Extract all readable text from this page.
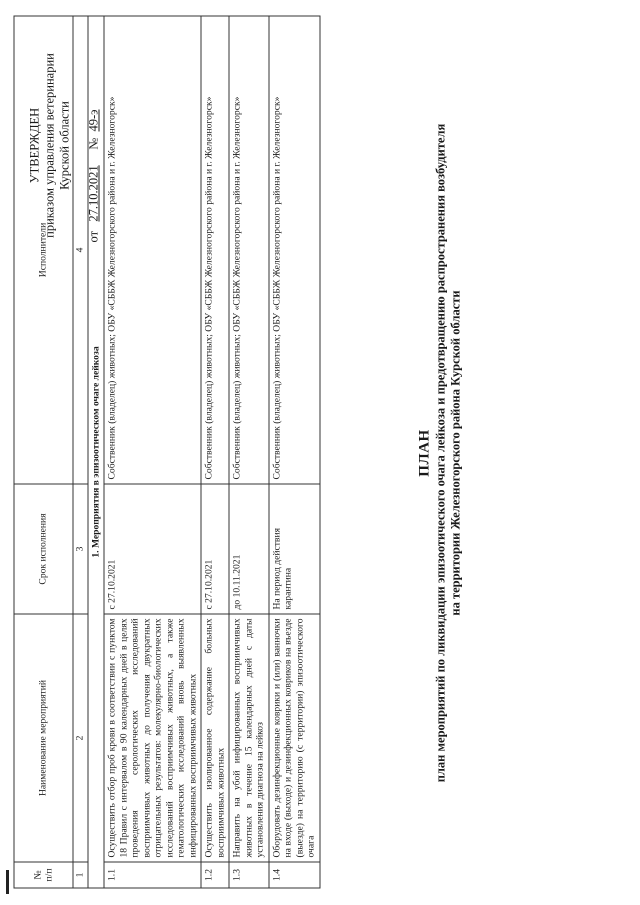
УТВЕРЖДЕН приказом управления ветеринарии Курской области
от   27.10.2021     №  49-э
ПЛАН план мероприятий по ликвидации эпизоотического очага лейкоза и предотвращению распространения возбудителя на территории Железногорского района Курской области
№ п/п	Наименование мероприятий	Срок исполнения	Исполнители
1	2	3	4
1. Мероприятия в эпизоотическом очаге лейкоза			
1.1	Осуществить отбор проб крови в соответствии с пунктом 18 Правил с интервалом в 90 календарных дней в целях проведения серологических исследований восприимчивых животных до получения двукратных отрицательных результатов: молекулярно-биологических исследований восприимчивых животных, а также гематологических исследований вновь выявленных инфицированных восприимчивых животных	с 27.10.2021	Собственник (владелец) животных; ОБУ «СББЖ Железногорского района и г. Железногорск»
1.2	Осуществить изолированное содержание больных восприимчивых животных	с 27.10.2021	Собственник (владелец) животных; ОБУ «СББЖ Железногорского района и г. Железногорск»
1.3	Направить на убой инфицированных восприимчивых животных в течение 15 календарных дней с даты установления диагноза на лейкоз	до 10.11.2021	Собственник (владелец) животных; ОБУ «СББЖ Железногорского района и г. Железногорск»
1.4	Оборудовать дезинфекционные коврики и (или) ванночки на входе (выходе) и дезинфекционных ковриков на въезде (выезде) на территорию (с территории) эпизоотического очага	На период действия карантина	Собственник (владелец) животных; ОБУ «СББЖ Железногорского района и г. Железногорск»
